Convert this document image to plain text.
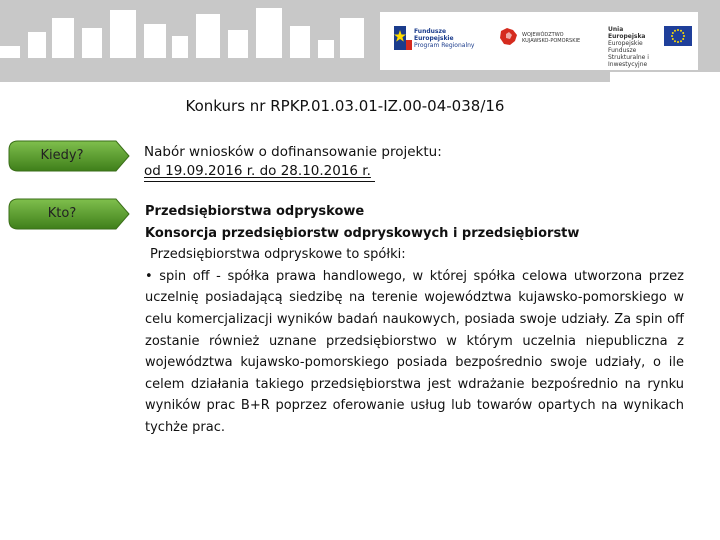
Fundusze
Europejskie
Program Regionalny
WOJEWÓDZTWO
KUJAWSKO-POMORSKIE
Unia Europejska
Europejskie Fundusze
Strukturalne i Inwestycyjne
Konkurs nr RPKP.01.03.01-IZ.00-04-038/16
Kiedy?
Kto?
Nabór wniosków o dofinansowanie projektu:
od 19.09.2016 r. do 28.10.2016 r.

Przedsiębiorstwa odpryskowe

Konsorcja przedsiębiorstw odpryskowych i przedsiębiorstw

Przedsiębiorstwa odpryskowe to spółki:

• spin off - spółka prawa handlowego, w której spółka celowa utworzona przez uczelnię posiadającą siedzibę na terenie województwa kujawsko-pomorskiego w celu komercjalizacji wyników badań naukowych, posiada swoje udziały. Za spin off zostanie również uznane przedsiębiorstwo w którym uczelnia niepubliczna z województwa kujawsko-pomorskiego posiada bezpośrednio swoje udziały, o ile celem działania takiego przedsiębiorstwa jest wdrażanie bezpośrednio na rynku wyników prac B+R poprzez oferowanie usług lub towarów opartych na wynikach tychże prac.
